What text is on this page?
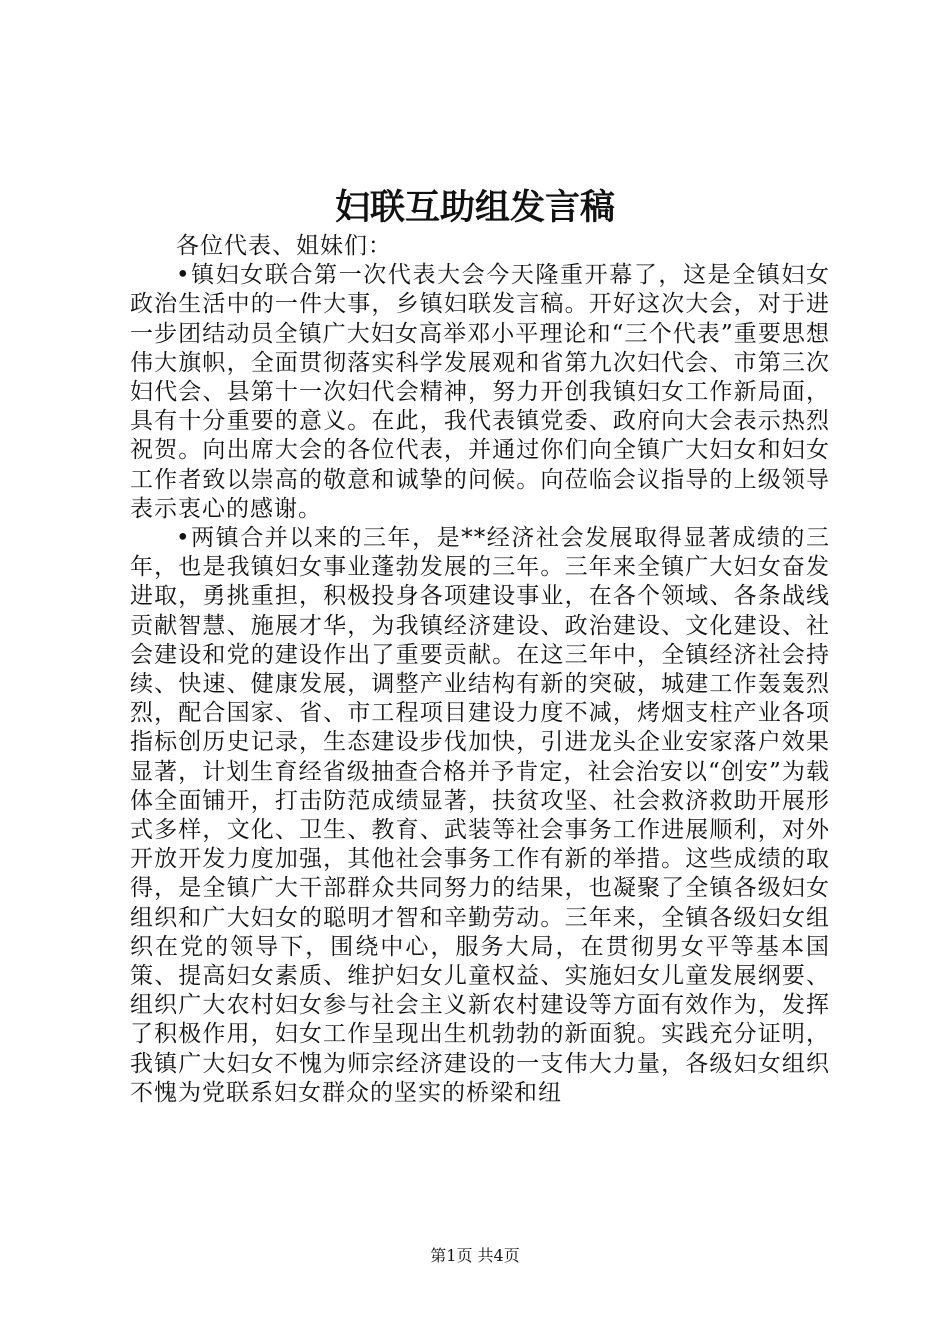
妇联互助组发言稿

各位代表、姐妹们：

•镇妇女联合第一次代表大会今天隆重开幕了，这是全镇妇女政治生活中的一件大事，乡镇妇联发言稿。开好这次大会，对于进一步团结动员全镇广大妇女高举邓小平理论和“三个代表”重要思想伟大旗帜，全面贯彻落实科学发展观和省第九次妇代会、市第三次妇代会、县第十一次妇代会精神，努力开创我镇妇女工作新局面，具有十分重要的意义。在此，我代表镇党委、政府向大会表示热烈祝贺。向出席大会的各位代表，并通过你们向全镇广大妇女和妇女工作者致以崇高的敬意和诚挚的问候。向莅临会议指导的上级领导表示衷心的感谢。

•两镇合并以来的三年，是**经济社会发展取得显著成绩的三年，也是我镇妇女事业蓬勃发展的三年。三年来全镇广大妇女奋发进取，勇挑重担，积极投身各项建设事业，在各个领域、各条战线贡献智慧、施展才华，为我镇经济建设、政治建设、文化建设、社会建设和党的建设作出了重要贡献。在这三年中，全镇经济社会持续、快速、健康发展，调整产业结构有新的突破，城建工作轰轰烈烈，配合国家、省、市工程项目建设力度不减，烤烟支柱产业各项指标创历史记录，生态建设步伐加快，引进龙头企业安家落户效果显著，计划生育经省级抽查合格并予肯定，社会治安以“创安”为载体全面铺开，打击防范成绩显著，扶贫攻坚、社会救济救助开展形式多样，文化、卫生、教育、武装等社会事务工作进展顺利，对外开放开发力度加强，其他社会事务工作有新的举措。这些成绩的取得，是全镇广大干部群众共同努力的结果，也凝聚了全镇各级妇女组织和广大妇女的聪明才智和辛勤劳动。三年来，全镇各级妇女组织在党的领导下，围绕中心，服务大局，在贯彻男女平等基本国策、提高妇女素质、维护妇女儿童权益、实施妇女儿童发展纲要、组织广大农村妇女参与社会主义新农村建设等方面有效作为，发挥了积极作用，妇女工作呈现出生机勃勃的新面貌。实践充分证明，我镇广大妇女不愧为师宗经济建设的一支伟大力量，各级妇女组织不愧为党联系妇女群众的坚实的桥梁和纽

第1页 共4页
